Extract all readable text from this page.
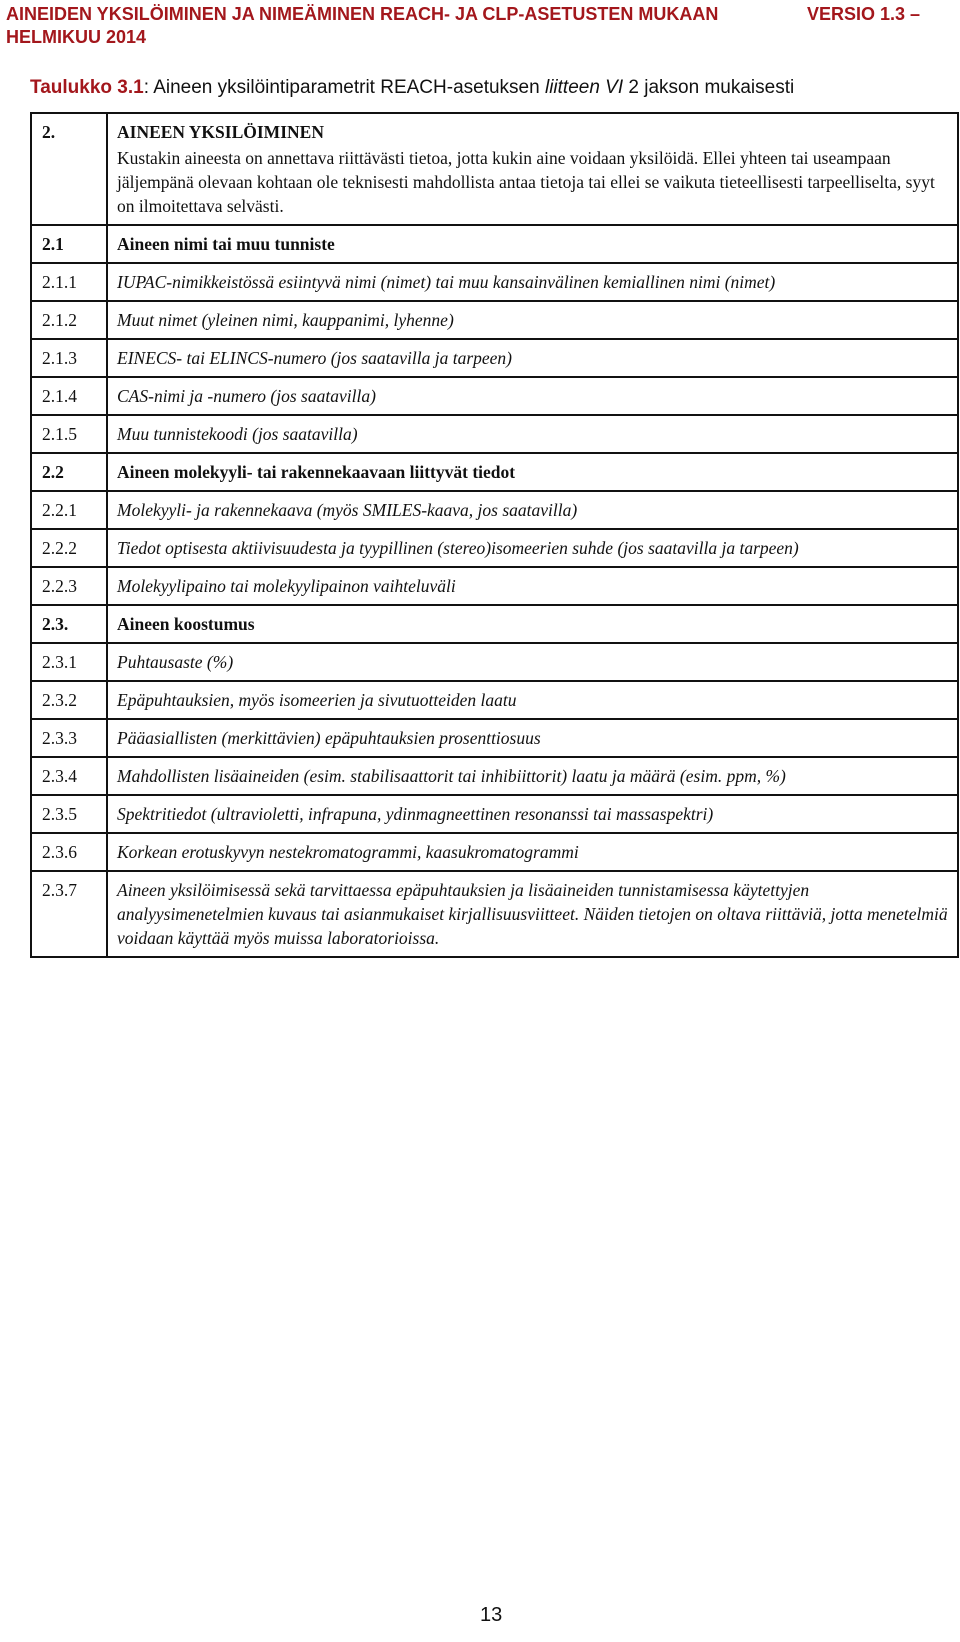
AINEIDEN YKSILÖIMINEN JA NIMEÄMINEN REACH- JA CLP-ASETUSTEN MUKAAN	VERSIO 1.3 –
HELMIKUU 2014
Taulukko 3.1: Aineen yksilöintiparametrit REACH-asetuksen liitteen VI 2 jakson mukaisesti
2.	AINEEN YKSILÖIMINEN
	Kustakin aineesta on annettava riittävästi tietoa, jotta kukin aine voidaan yksilöidä. Ellei yhteen tai useampaan jäljempänä olevaan kohtaan ole teknisesti mahdollista antaa tietoja tai ellei se vaikuta tieteellisesti tarpeelliselta, syyt on ilmoitettava selvästi.
2.1	Aineen nimi tai muu tunniste
2.1.1	IUPAC-nimikkeistössä esiintyvä nimi (nimet) tai muu kansainvälinen kemiallinen nimi (nimet)
2.1.2	Muut nimet (yleinen nimi, kauppanimi, lyhenne)
2.1.3	EINECS- tai ELINCS-numero (jos saatavilla ja tarpeen)
2.1.4	CAS-nimi ja -numero (jos saatavilla)
2.1.5	Muu tunnistekoodi (jos saatavilla)
2.2	Aineen molekyyli- tai rakennekaavaan liittyvät tiedot
2.2.1	Molekyyli- ja rakennekaava (myös SMILES-kaava, jos saatavilla)
2.2.2	Tiedot optisesta aktiivisuudesta ja tyypillinen (stereo)isomeerien suhde (jos saatavilla ja tarpeen)
2.2.3	Molekyylipaino tai molekyylipainon vaihteluväli
2.3.	Aineen koostumus
2.3.1	Puhtausaste (%)
2.3.2	Epäpuhtauksien, myös isomeerien ja sivutuotteiden laatu
2.3.3	Pääasiallisten (merkittävien) epäpuhtauksien prosenttiosuus
2.3.4	Mahdollisten lisäaineiden (esim. stabilisaattorit tai inhibiittorit) laatu ja määrä (esim. ppm, %)
2.3.5	Spektritiedot (ultravioletti, infrapuna, ydinmagneettinen resonanssi tai massaspektri)
2.3.6	Korkean erotuskyvyn nestekromatogrammi, kaasukromatogrammi
2.3.7	Aineen yksilöimisessä sekä tarvittaessa epäpuhtauksien ja lisäaineiden tunnistamisessa käytettyjen analyysimenetelmien kuvaus tai asianmukaiset kirjallisuusviitteet. Näiden tietojen on oltava riittäviä, jotta menetelmiä voidaan käyttää myös muissa laboratorioissa.
13
